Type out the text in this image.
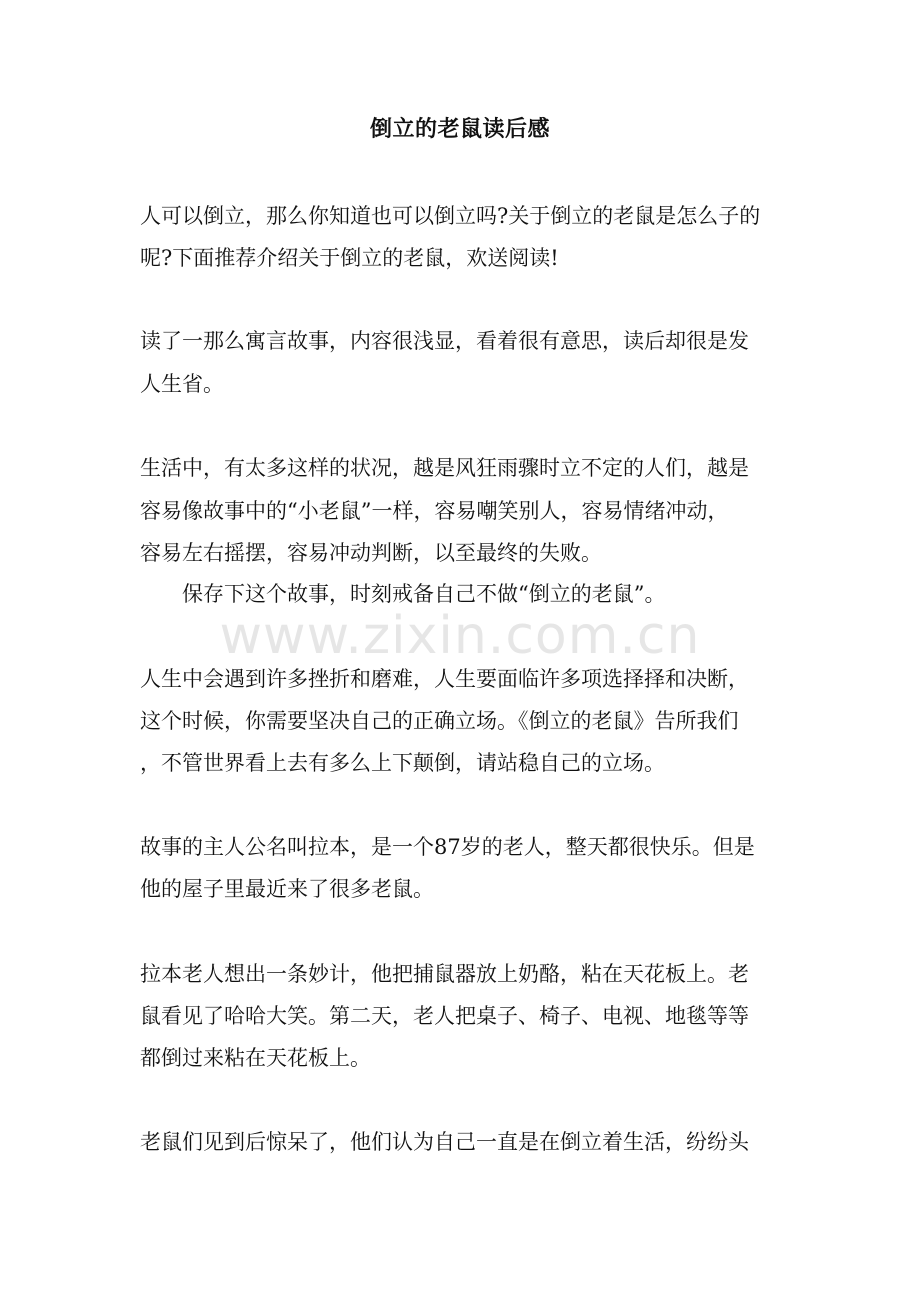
www.zixin.com.cn
倒立的老鼠读后感
人可以倒立，那么你知道也可以倒立吗?关于倒立的老鼠是怎么子的
呢?下面推荐介绍关于倒立的老鼠，欢送阅读!
读了一那么寓言故事，内容很浅显，看着很有意思，读后却很是发
人生省。
生活中，有太多这样的状况，越是风狂雨骤时立不定的人们，越是
容易像故事中的“小老鼠”一样，容易嘲笑别人，容易情绪冲动，
容易左右摇摆，容易冲动判断，以至最终的失败。
　　保存下这个故事，时刻戒备自己不做“倒立的老鼠”。
人生中会遇到许多挫折和磨难，人生要面临许多项选择择和决断，
这个时候，你需要坚决自己的正确立场。《倒立的老鼠》告所我们
，不管世界看上去有多么上下颠倒，请站稳自己的立场。
故事的主人公名叫拉本，是一个87岁的老人，整天都很快乐。但是
他的屋子里最近来了很多老鼠。
拉本老人想出一条妙计，他把捕鼠器放上奶酪，粘在天花板上。老
鼠看见了哈哈大笑。第二天，老人把桌子、椅子、电视、地毯等等
都倒过来粘在天花板上。
老鼠们见到后惊呆了，他们认为自己一直是在倒立着生活，纷纷头
